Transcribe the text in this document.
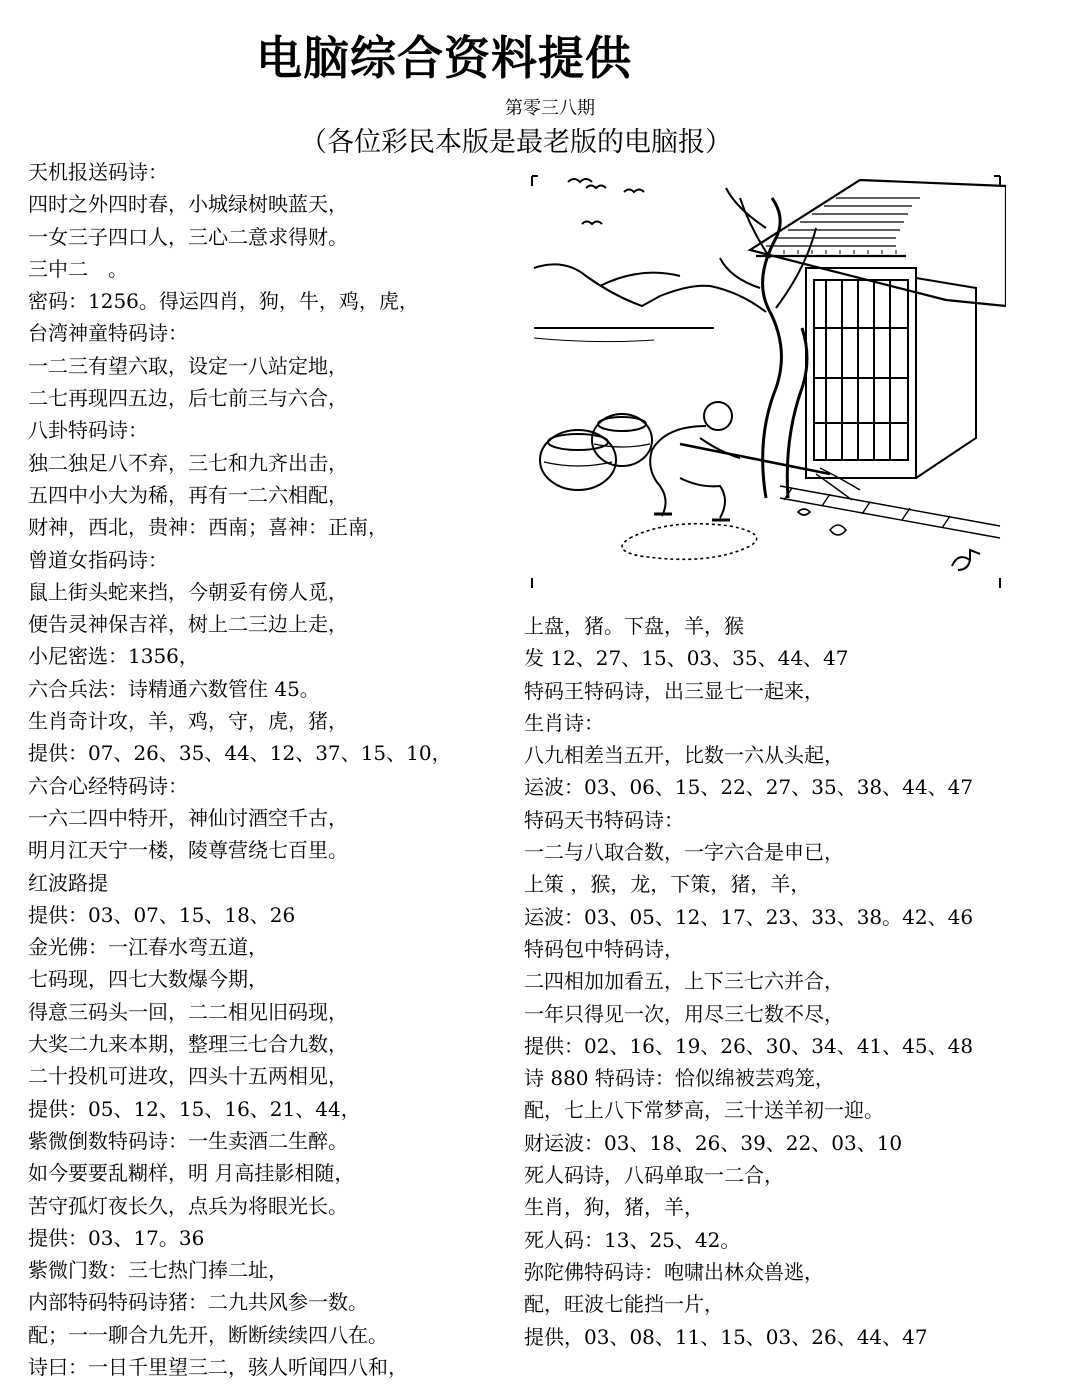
电脑综合资料提供
第零三八期
（各位彩民本版是最老版的电脑报）
天机报送码诗：
四时之外四时春，小城绿树映蓝天，
一女三子四口人，三心二意求得财。
三中二　。
密码：1256。得运四肖，狗，牛，鸡，虎，
台湾神童特码诗：
一二三有望六取，设定一八站定地，
二七再现四五边，后七前三与六合，
八卦特码诗：
独二独足八不弃，三七和九齐出击，
五四中小大为稀，再有一二六相配，
财神，西北，贵神：西南；喜神：正南，
曾道女指码诗：
鼠上街头蛇来挡，今朝妥有傍人觅，
便告灵神保吉祥，树上二三边上走，
小尼密选：1356，
六合兵法：诗精通六数管住 45。
生肖奇计攻，羊，鸡，守，虎，猪，
提供：07、26、35、44、12、37、15、10，
六合心经特码诗：
一六二四中特开，神仙讨酒空千古，
明月江天宁一楼，陵尊营绕七百里。
红波路提
提供：03、07、15、18、26
金光佛：一江春水弯五道，
七码现，四七大数爆今期，
得意三码头一回，二二相见旧码现，
大奖二九来本期，整理三七合九数，
二十投机可进攻，四头十五两相见，
提供：05、12、15、16、21、44，
紫微倒数特码诗：一生卖酒二生醉。
如今要要乱糊样，明 月高挂影相随，
苦守孤灯夜长久，点兵为将眼光长。
提供：03、17。36
紫微门数：三七热门捧二址，
内部特码特码诗猪：二九共风参一数。
配；一一聊合九先开，断断续续四八在。
诗曰：一日千里望三二，骇人听闻四八和，
上盘，猪。下盘，羊，猴
发 12、27、15、03、35、44、47
特码王特码诗，出三显七一起来，
生肖诗：
八九相差当五开，比数一六从头起，
运波：03、06、15、22、27、35、38、44、47
特码天书特码诗：
一二与八取合数，一字六合是申已，
上策 ，猴，龙，下策，猪，羊，
运波：03、05、12、17、23、33、38。42、46
特码包中特码诗，
二四相加加看五，上下三七六并合，
一年只得见一次，用尽三七数不尽，
提供：02、16、19、26、30、34、41、45、48
诗 880 特码诗：恰似绵被芸鸡笼，
配，七上八下常梦高，三十送羊初一迎。
财运波：03、18、26、39、22、03、10
死人码诗，八码单取一二合，
生肖，狗，猪，羊，
死人码：13、25、42。
弥陀佛特码诗：咆啸出林众兽逃，
配，旺波七能挡一片，
提供，03、08、11、15、03、26、44、47
